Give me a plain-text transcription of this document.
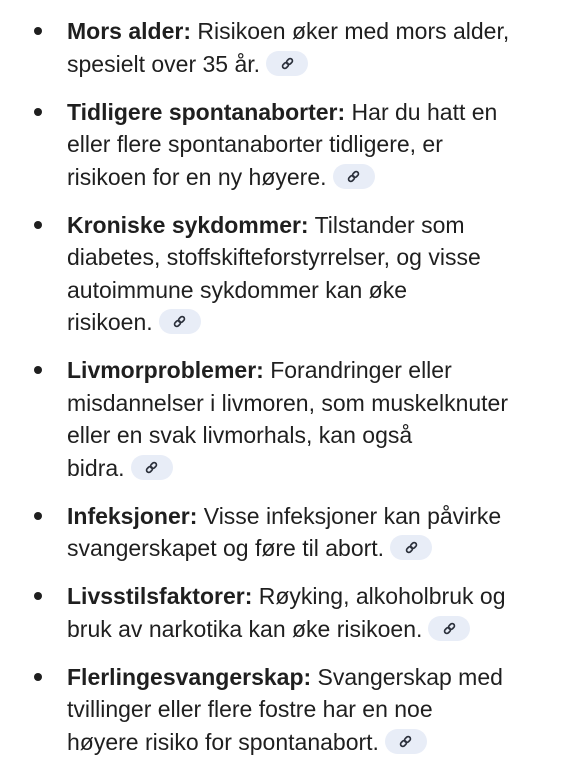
Mors alder: Risikoen øker med mors alder,
spesielt over 35 år.
Tidligere spontanaborter: Har du hatt en
eller flere spontanaborter tidligere, er
risikoen for en ny høyere.
Kroniske sykdommer: Tilstander som
diabetes, stoffskifteforstyrrelser, og visse
autoimmune sykdommer kan øke
risikoen.
Livmorproblemer: Forandringer eller
misdannelser i livmoren, som muskelknuter
eller en svak livmorhals, kan også
bidra.
Infeksjoner: Visse infeksjoner kan påvirke
svangerskapet og føre til abort.
Livsstilsfaktorer: Røyking, alkoholbruk og
bruk av narkotika kan øke risikoen.
Flerlingesvangerskap: Svangerskap med
tvillinger eller flere fostre har en noe
høyere risiko for spontanabort.
